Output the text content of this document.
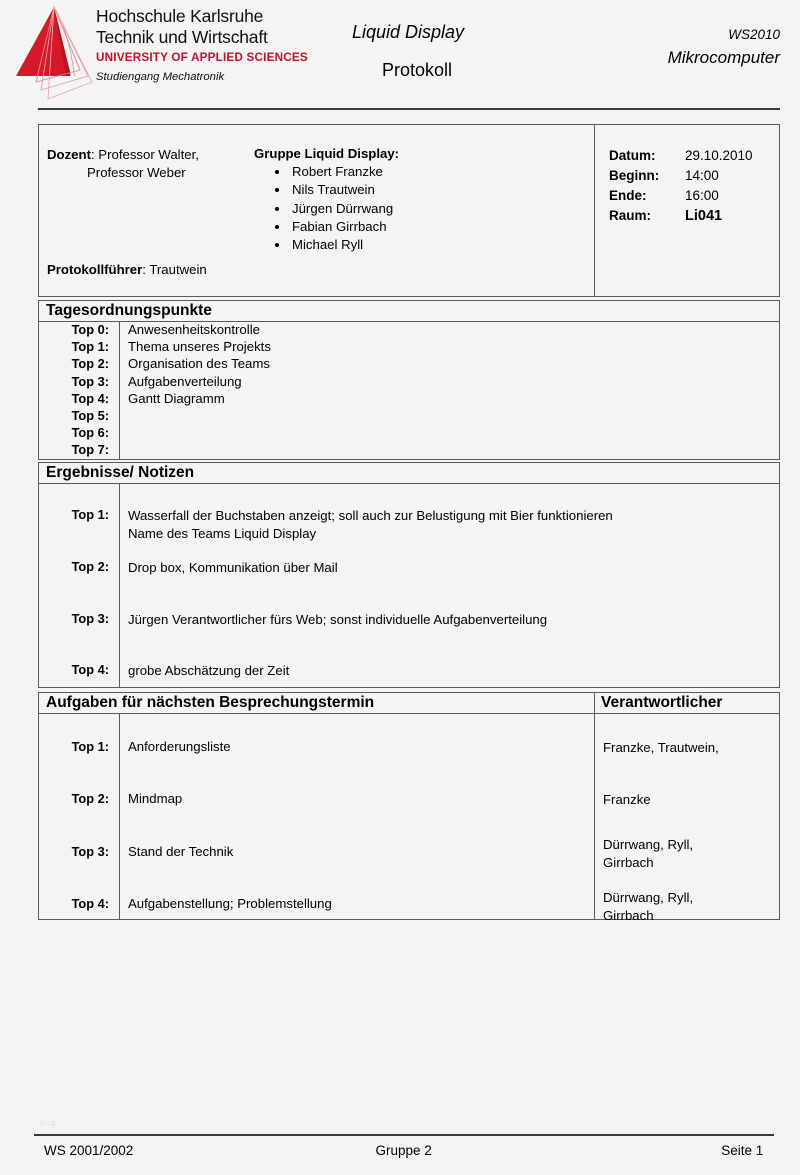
Hochschule Karlsruhe
Technik und Wirtschaft
UNIVERSITY OF APPLIED SCIENCES
Studiengang Mechatronik
Liquid Display
Protokoll
WS2010
Mikrocomputer
Dozent: Professor Walter,
Professor Weber
Protokollführer: Trautwein
Gruppe Liquid Display:
• Robert Franzke
• Nils Trautwein
• Jürgen Dürrwang
• Fabian Girrbach
• Michael Ryll
Datum:	29.10.2010
Beginn:	14:00
Ende:	16:00
Raum:	Li041
Tagesordnungspunkte
Top 0:	Anwesenheitskontrolle
Top 1:	Thema unseres Projekts
Top 2:	Organisation des Teams
Top 3:	Aufgabenverteilung
Top 4:	Gantt Diagramm
Top 5:
Top 6:
Top 7:
Ergebnisse/ Notizen
Top 1:	Wasserfall der Buchstaben anzeigt; soll auch zur Belustigung mit Bier funktionieren
Name des Teams Liquid Display
Top 2:	Drop box, Kommunikation über Mail
Top 3:	Jürgen Verantwortlicher fürs Web; sonst individuelle Aufgabenverteilung
Top 4:	grobe Abschätzung der Zeit
Aufgaben für nächsten Besprechungstermin	Verantwortlicher
Top 1:	Anforderungsliste	Franzke, Trautwein,
Top 2:	Mindmap	Franzke
Top 3:	Stand der Technik	Dürrwang, Ryll,
Girrbach
Top 4:	Aufgabenstellung; Problemstellung	Dürrwang, Ryll,
Girrbach
bog
WS 2001/2002	Gruppe 2	Seite 1
